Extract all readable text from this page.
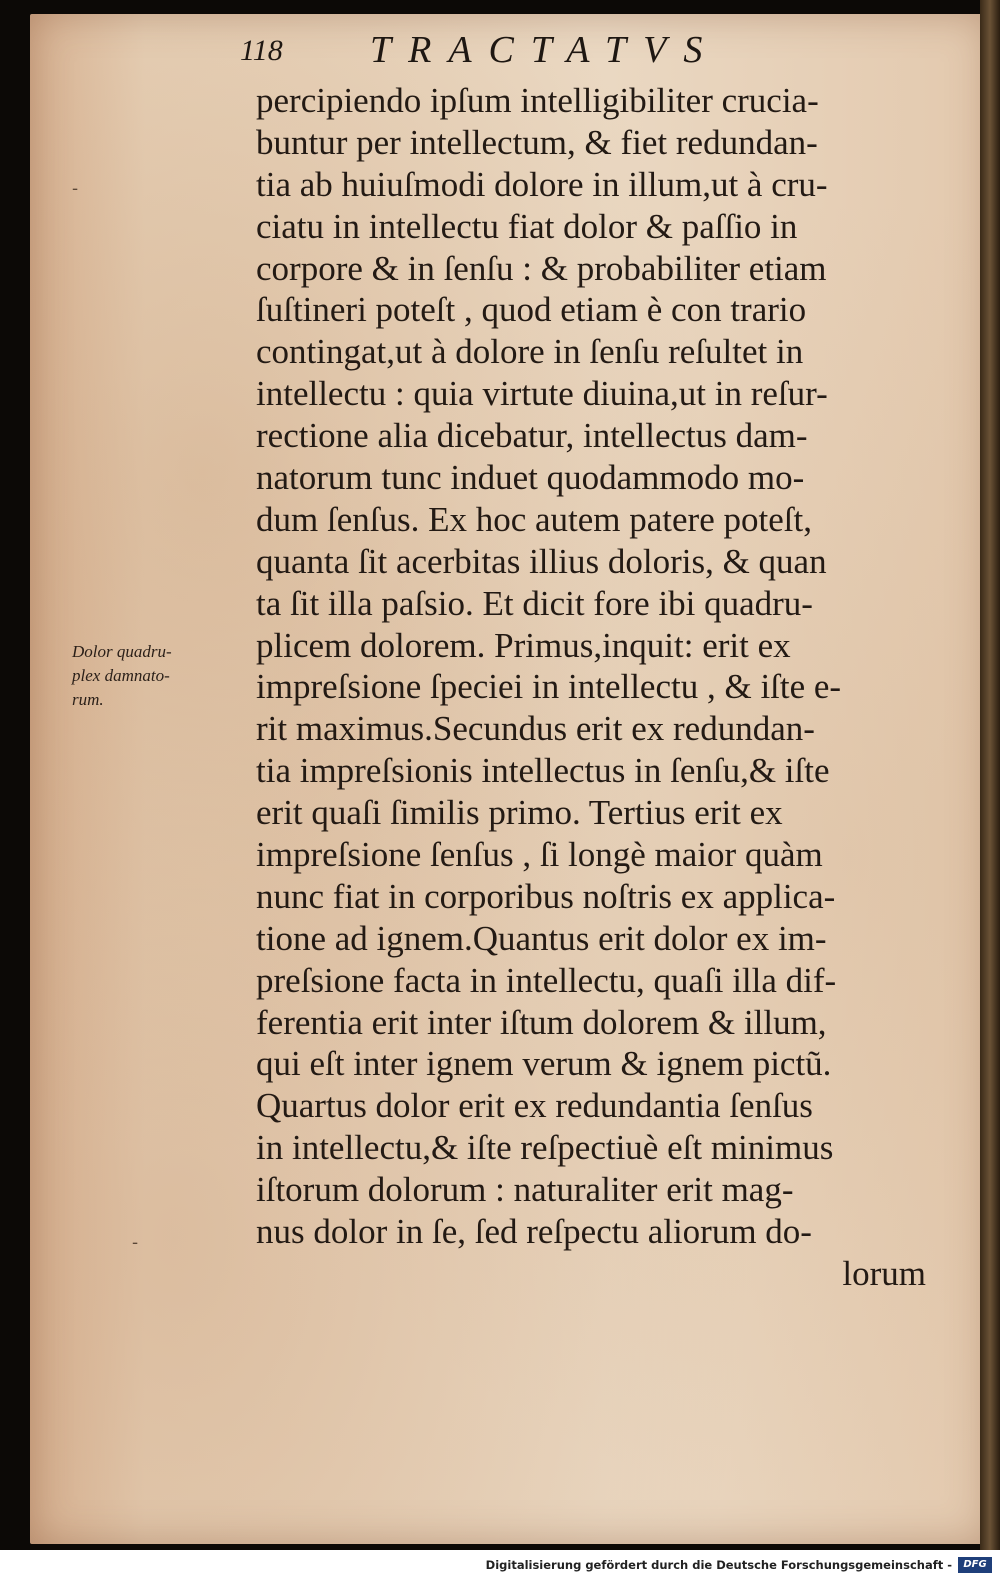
118 TRACTATVS
-
-
Dolor quadru-
plex damnato-
rum.
percipiendo ipſum intelligibiliter crucia-
buntur per intellectum, & fiet redundan-
tia ab huiuſmodi dolore in illum,ut à cru-
ciatu in intellectu fiat dolor & paſſio in
corpore & in ſenſu : & probabiliter etiam
ſuſtineri poteſt , quod etiam è con trario
contingat,ut à dolore in ſenſu reſultet in
intellectu : quia virtute diuina,ut in reſur-
rectione alia dicebatur, intellectus dam-
natorum tunc induet quodammodo mo-
dum ſenſus. Ex hoc autem patere poteſt,
quanta ſit acerbitas illius doloris, & quan
ta ſit illa paſsio. Et dicit fore ibi quadru-
plicem dolorem. Primus,inquit: erit ex
impreſsione ſpeciei in intellectu , & iſte e-
rit maximus.Secundus erit ex redundan-
tia impreſsionis intellectus in ſenſu,& iſte
erit quaſi ſimilis primo. Tertius erit ex
impreſsione ſenſus , ſi longè maior quàm
nunc fiat in corporibus noſtris ex applica-
tione ad ignem.Quantus erit dolor ex im-
preſsione facta in intellectu, quaſi illa dif-
ferentia erit inter iſtum dolorem & illum,
qui eſt inter ignem verum & ignem pictũ.
Quartus dolor erit ex redundantia ſenſus
in intellectu,& iſte reſpectiuè eſt minimus
iſtorum dolorum : naturaliter erit mag-
nus dolor in ſe, ſed reſpectu aliorum do-
lorum
Digitalisierung gefördert durch die Deutsche Forschungsgemeinschaft -	DFG
